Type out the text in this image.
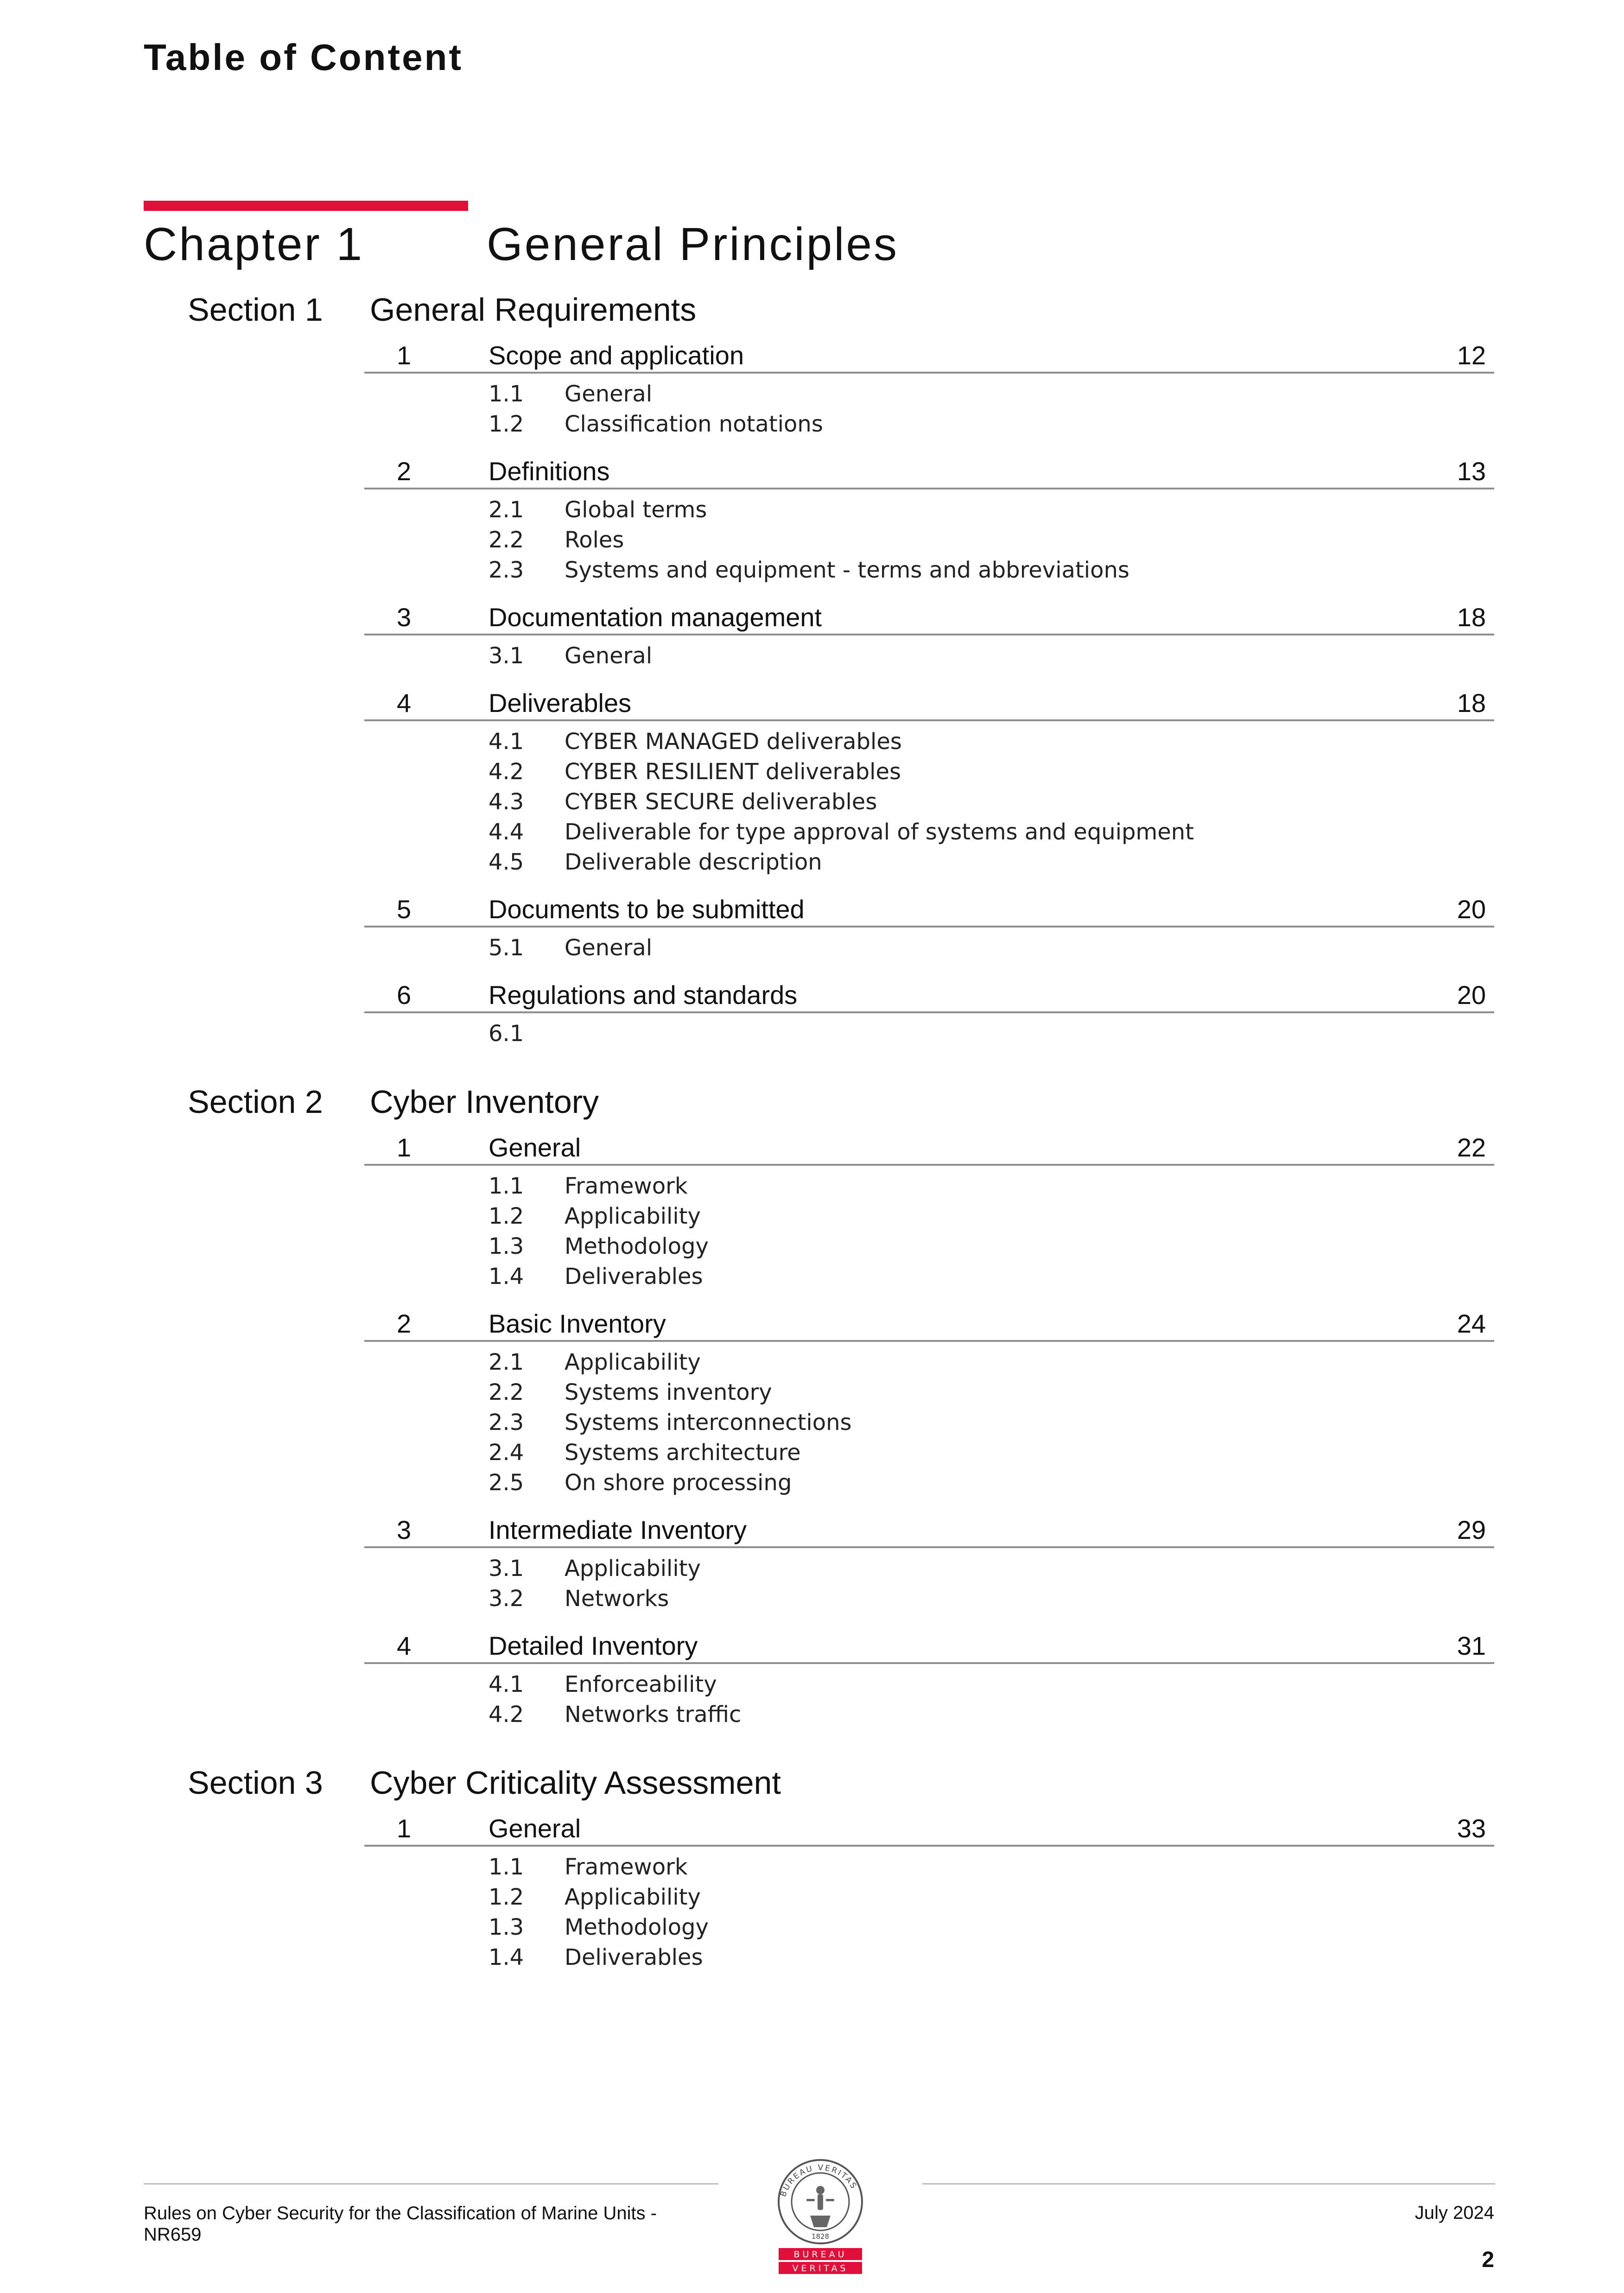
Table of Content
Chapter 1	General Principles
Section 1 General Requirements
1	Scope and application	12
1.1 General
1.2 Classification notations
2	Definitions	13
2.1 Global terms
2.2 Roles
2.3 Systems and equipment - terms and abbreviations
3	Documentation management	18
3.1 General
4	Deliverables	18
4.1 CYBER MANAGED deliverables
4.2 CYBER RESILIENT deliverables
4.3 CYBER SECURE deliverables
4.4 Deliverable for type approval of systems and equipment
4.5 Deliverable description
5	Documents to be submitted	20
5.1 General
6	Regulations and standards	20
6.1
Section 2 Cyber Inventory
1	General	22
1.1 Framework
1.2 Applicability
1.3 Methodology
1.4 Deliverables
2	Basic Inventory	24
2.1 Applicability
2.2 Systems inventory
2.3 Systems interconnections
2.4 Systems architecture
2.5 On shore processing
3	Intermediate Inventory	29
3.1 Applicability
3.2 Networks
4	Detailed Inventory	31
4.1 Enforceability
4.2 Networks traffic
Section 3 Cyber Criticality Assessment
1	General	33
1.1 Framework
1.2 Applicability
1.3 Methodology
1.4 Deliverables
Rules on Cyber Security for the Classification of Marine Units - NR659
July 2024
2
BUREAU VERITAS
1828
BUREAU
VERITAS
